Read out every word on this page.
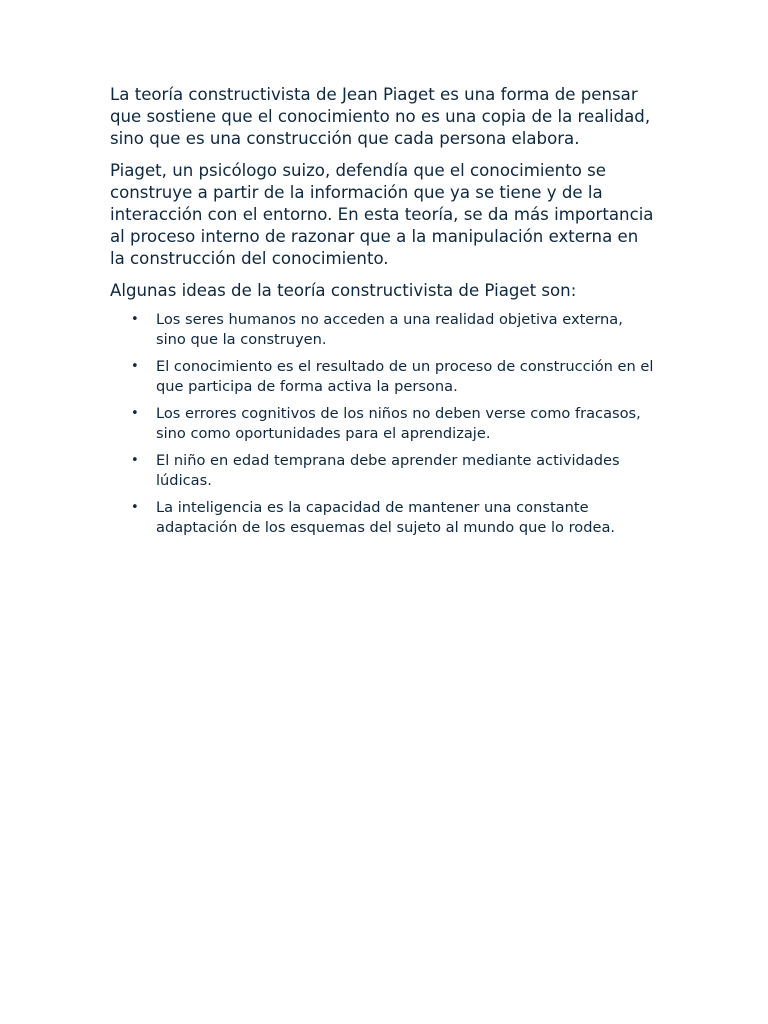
La teoría constructivista de Jean Piaget es una forma de pensar que sostiene que el conocimiento no es una copia de la realidad, sino que es una construcción que cada persona elabora.

Piaget, un psicólogo suizo, defendía que el conocimiento se construye a partir de la información que ya se tiene y de la interacción con el entorno. En esta teoría, se da más importancia al proceso interno de razonar que a la manipulación externa en la construcción del conocimiento.

Algunas ideas de la teoría constructivista de Piaget son:

• Los seres humanos no acceden a una realidad objetiva externa, sino que la construyen.
• El conocimiento es el resultado de un proceso de construcción en el que participa de forma activa la persona.
• Los errores cognitivos de los niños no deben verse como fracasos, sino como oportunidades para el aprendizaje.
• El niño en edad temprana debe aprender mediante actividades lúdicas.
• La inteligencia es la capacidad de mantener una constante adaptación de los esquemas del sujeto al mundo que lo rodea.
